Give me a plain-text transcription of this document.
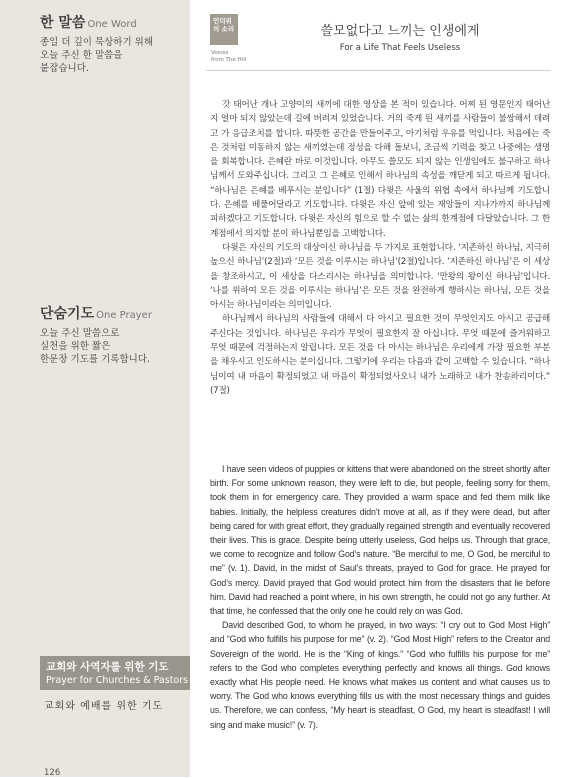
한 말씀 One Word
종일 더 깊이 묵상하기 위해
오늘 주신 한 말씀을
붙잡습니다.
단숨기도 One Prayer
오늘 주신 말씀으로
실천을 위한 짧은
한문장 기도를 기록합니다.
교회와 사역자를 위한 기도
Prayer for Churches & Pastors
교회와 예배를 위한 기도
126
언덕위의 소리
Voices
from The Hill
쓸모없다고 느끼는 인생에게
For a Life That Feels Useless

갓 태어난 개나 고양이의 새끼에 대한 영상을 본 적이 있습니다. 어찌 된 영문인지 태어난 지 얼마 되지 않았는데 길에 버려져 있었습니다. 거의 죽게 된 새끼를 사람들이 불쌍해서 데려고 가 응급조치를 합니다. 따뜻한 공간을 만들어주고, 아기처럼 우유를 먹입니다. 처음에는 죽은 것처럼 미동하지 않는 새끼였는데 정성을 다해 돌보니, 조금씩 기력을 찾고 나중에는 생명을 회복합니다. 은혜란 바로 이것입니다. 아무도 쓸모도 되지 않는 인생임에도 불구하고 하나님께서 도와주십니다. 그리고 그 은혜로 인해서 하나님의 속성을 깨닫게 되고 따르게 됩니다. “하나님은 은혜를 베푸시는 분입니다” (1절) 다윗은 사울의 위협 속에서 하나님께 기도합니다. 은혜를 베풀어달라고 기도합니다. 다윗은 자신 앞에 있는 재앙들이 지나가까지 하나님께 피하겠다고 기도합니다. 다윗은 자신의 힘으로 할 수 없는 삶의 한계점에 다달았습니다. 그 한계점에서 의지할 분이 하나님뿐임을 고백합니다.

다윗은 자신의 기도의 대상이신 하나님을 두 가지로 표현합니다. ‘지존하신 하나님, 지극히 높으신 하나님’(2절)과 ‘모든 것을 이루시는 하나님’(2절)입니다. ‘지존하신 하나님’은 이 세상을 창조하시고, 이 세상을 다스리시는 하나님을 의미합니다. ‘만왕의 왕이신 하나님’입니다. ‘나를 위하여 모든 것을 이루시는 하나님’은 모든 것을 완전하게 행하시는 하나님, 모든 것을 아시는 하나님이라는 의미입니다.

하나님께서 하나님의 사람들에 대해서 다 아시고 필요한 것이 무엇인지도 아시고 공급해 주신다는 것입니다. 하나님은 우리가 무엇이 필요한지 잘 아십니다. 무엇 때문에 즐거워하고 무엇 때문에 걱정하는지 알립니다. 모든 것을 다 아시는 하나님은 우리에게 가장 필요한 부분을 채우시고 인도하시는 분이십니다. 그렇기에 우리는 다음과 같이 고백할 수 있습니다. “하나님이여 내 마음이 확정되었고 내 마음이 확정되었사오니 내가 노래하고 내가 찬송하리이다.” (7절)

I have seen videos of puppies or kittens that were abandoned on the street shortly after birth. For some unknown reason, they were left to die, but people, feeling sorry for them, took them in for emergency care. They provided a warm space and fed them milk like babies. Initially, the helpless creatures didn’t move at all, as if they were dead, but after being cared for with great effort, they gradually regained strength and eventually recovered their lives. This is grace. Despite being utterly useless, God helps us. Through that grace, we come to recognize and follow God’s nature. “Be merciful to me, O God, be merciful to me” (v. 1). David, in the midst of Saul’s threats, prayed to God for grace. He prayed for God’s mercy. David prayed that God would protect him from the disasters that lie before him. David had reached a point where, in his own strength, he could not go any further. At that time, he confessed that the only one he could rely on was God.

David described God, to whom he prayed, in two ways: “I cry out to God Most High” and “God who fulfills his purpose for me” (v. 2). “God Most High” refers to the Creator and Sovereign of the world. He is the “King of kings.” “God who fulfills his purpose for me” refers to the God who completes everything perfectly and knows all things. God knows exactly what His people need. He knows what makes us content and what causes us to worry. The God who knows everything fills us with the most necessary things and guides us. Therefore, we can confess, “My heart is steadfast, O God, my heart is steadfast! I will sing and make music!” (v. 7).
